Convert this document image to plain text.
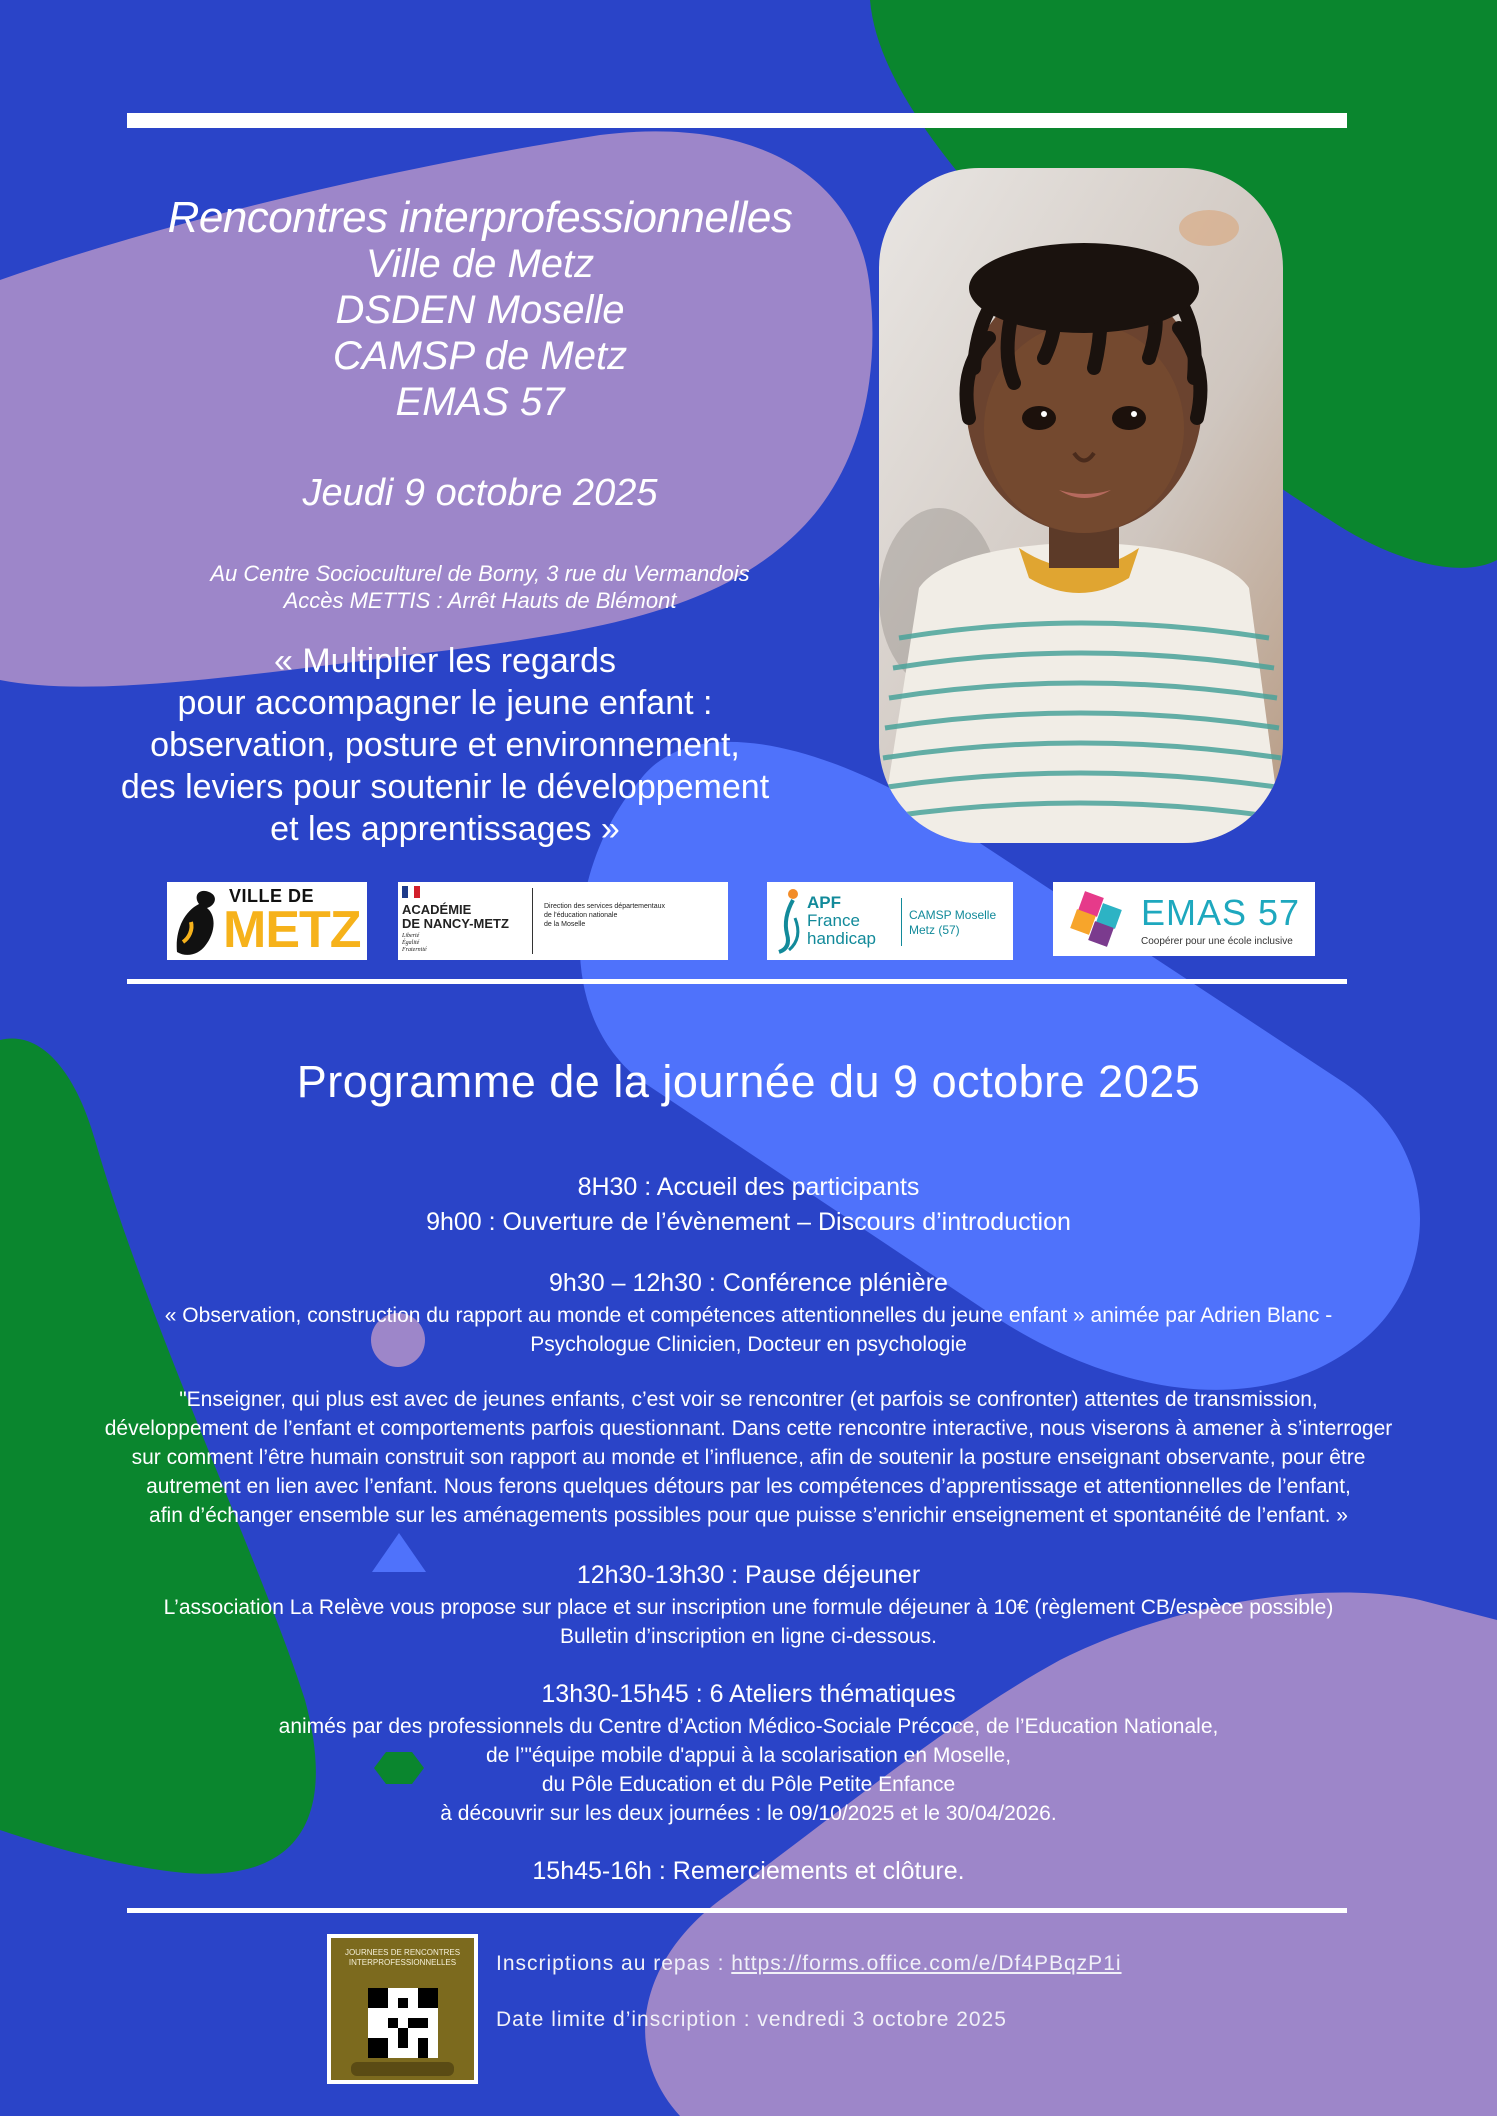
Rencontres interprofessionnelles
Ville de Metz
DSDEN Moselle
CAMSP de Metz
EMAS 57
Jeudi 9 octobre 2025
Au Centre Socioculturel de Borny, 3 rue du Vermandois
Accès METTIS : Arrêt Hauts de Blémont
« Multiplier les regards
pour accompagner le jeune enfant :
observation, posture et environnement,
des leviers pour soutenir le développement
et les apprentissages »
VILLE DE
METZ	ACADÉMIE
DE NANCY-METZ
Liberté
Égalité
Fraternité
Direction des services départementaux
de l'éducation nationale
de la Moselle
APF
France
handicap
CAMSP Moselle
Metz (57)	EMAS 57
Coopérer pour une école inclusive
Programme de la journée du 9 octobre 2025
8H30 : Accueil des participants
9h00 : Ouverture de l’évènement – Discours d’introduction
9h30 – 12h30 : Conférence plénière
« Observation, construction du rapport au monde et compétences attentionnelles du jeune enfant » animée par Adrien Blanc -
Psychologue Clinicien, Docteur en psychologie
"Enseigner, qui plus est avec de jeunes enfants, c’est voir se rencontrer (et parfois se confronter) attentes de transmission,
développement de l’enfant et comportements parfois questionnant. Dans cette rencontre interactive, nous viserons à amener à s’interroger
sur comment l’être humain construit son rapport au monde et l’influence, afin de soutenir la posture enseignant observante, pour être
autrement en lien avec l’enfant. Nous ferons quelques détours par les compétences d’apprentissage et attentionnelles de l’enfant,
afin d’échanger ensemble sur les aménagements possibles pour que puisse s’enrichir enseignement et spontanéité de l’enfant. »
12h30-13h30 : Pause déjeuner
L’association La Relève vous propose sur place et sur inscription une formule déjeuner à 10€ (règlement CB/espèce possible)
Bulletin d’inscription en ligne ci-dessous.
13h30-15h45 : 6 Ateliers thématiques
animés par des professionnels du Centre d’Action Médico-Sociale Précoce, de l’Education Nationale,
de l’"équipe mobile d'appui à la scolarisation en Moselle,
du Pôle Education et du Pôle Petite Enfance
à découvrir sur les deux journées : le 09/10/2025 et le 30/04/2026.
15h45-16h : Remerciements et clôture.
JOURNEES DE RENCONTRES
INTERPROFESSIONNELLES	Inscriptions au repas : https://forms.office.com/e/Df4PBqzP1i
Date limite d’inscription : vendredi 3 octobre 2025
